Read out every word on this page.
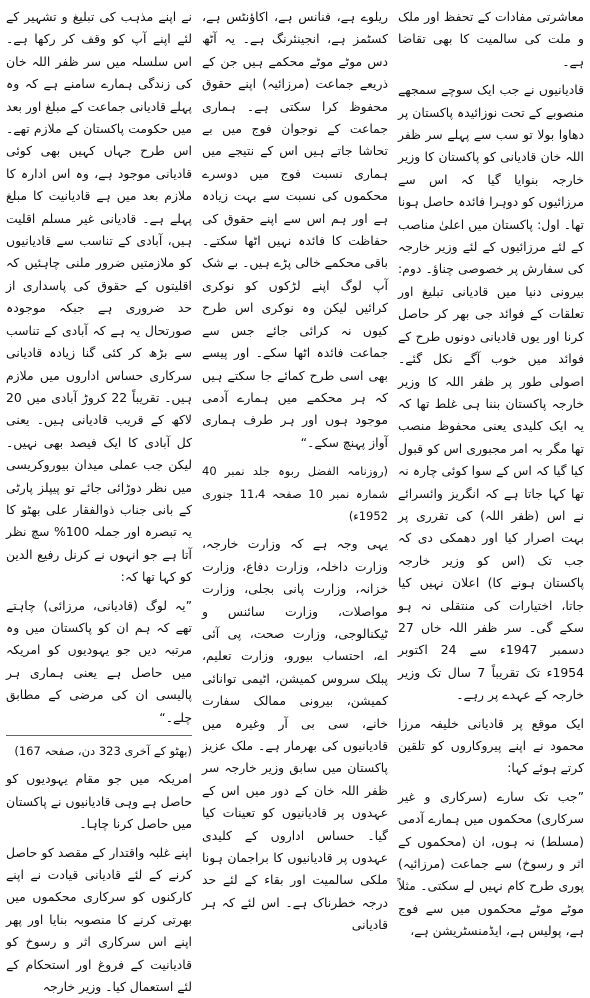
معاشرتی مفادات کے تحفظ اور ملک و ملت کی سالمیت کا بھی تقاضا ہے۔

قادیانیوں نے جب ایک سوچے سمجھے منصوبے کے تحت نوزائیدہ پاکستان پر دھاوا بولا تو سب سے پہلے سر ظفر اللہ خان قادیانی کو پاکستان کا وزیر خارجہ بنوایا گیا کہ اس سے مرزائیوں کو دوہرا فائدہ حاصل ہونا تھا۔ اول: پاکستان میں اعلیٰ مناصب کے لئے مرزائیوں کے لئے وزیر خارجہ کی سفارش پر خصوصی چناؤ۔ دوم: بیرونی دنیا میں قادیانی تبلیغ اور تعلقات کے فوائد جی بھر کر حاصل کرنا اور یوں قادیانی دونوں طرح کے فوائد میں خوب آگے نکل گئے۔ اصولی طور پر ظفر اللہ کا وزیر خارجہ پاکستان بننا ہی غلط تھا کہ یہ ایک کلیدی یعنی محفوظ منصب تھا مگر بہ امر مجبوری اس کو قبول کیا گیا کہ اس کے سوا کوئی چارہ نہ تھا کہا جاتا ہے کہ انگریز وائسرائے نے اس (ظفر اللہ) کی تقرری پر بہت اصرار کیا اور دھمکی دی کہ جب تک (اس کو وزیر خارجہ پاکستان ہونے کا) اعلان نہیں کیا جاتا، اختیارات کی منتقلی نہ ہو سکے گی۔ سر ظفر اللہ خاں 27 دسمبر 1947ء سے 24 اکتوبر 1954ء تک تقریباً 7 سال تک وزیر خارجہ کے عہدے پر رہے۔

ایک موقع پر قادیانی خلیفہ مرزا محمود نے اپنے پیروکاروں کو تلقین کرتے ہوئے کہا:

”جب تک سارے (سرکاری و غیر سرکاری) محکموں میں ہمارے آدمی (مسلط) نہ ہوں، ان (محکموں کے اثر و رسوخ) سے جماعت (مرزائیہ) پوری طرح کام نہیں لے سکتی۔ مثلاً موٹے موٹے محکموں میں سے فوج ہے، پولیس ہے، ایڈمنسٹریشن ہے،

ریلوے ہے، فنانس ہے، اکاؤنٹس ہے، کسٹمز ہے، انجینئرنگ ہے۔ یہ آٹھ دس موٹے موٹے محکمے ہیں جن کے ذریعے جماعت (مرزائیہ) اپنے حقوق محفوظ کرا سکتی ہے۔ ہماری جماعت کے نوجوان فوج میں بے تحاشا جاتے ہیں اس کے نتیجے میں ہماری نسبت فوج میں دوسرے محکموں کی نسبت سے بہت زیادہ ہے اور ہم اس سے اپنے حقوق کی حفاظت کا فائدہ نہیں اٹھا سکتے۔ باقی محکمے خالی پڑے ہیں۔ بے شک آپ لوگ اپنے لڑکوں کو نوکری کرائیں لیکن وہ نوکری اس طرح کیوں نہ کرائی جائے جس سے جماعت فائدہ اٹھا سکے۔ اور پیسے بھی اسی طرح کمائے جا سکتے ہیں کہ ہر محکمے میں ہمارے آدمی موجود ہوں اور ہر طرف ہماری آواز پہنچ سکے۔“

(روزنامہ الفضل ربوہ جلد نمبر 40 شمارہ نمبر 10 صفحہ 11،4 جنوری 1952ء)

یہی وجہ ہے کہ وزارت خارجہ، وزارت داخلہ، وزارت دفاع، وزارت خزانہ، وزارت پانی بجلی، وزارت مواصلات، وزارت سائنس و ٹیکنالوجی، وزارت صحت، پی آئی اے، احتساب بیورو، وزارت تعلیم، پبلک سروس کمیشن، اٹیمی توانائی کمیشن، بیرونی ممالک سفارت خانے، سی بی آر وغیرہ میں قادیانیوں کی بھرمار ہے۔ ملک عزیز پاکستان میں سابق وزیر خارجہ سر ظفر اللہ خان کے دور میں اس کے عہدوں پر قادیانیوں کو تعینات کیا گیا۔ حساس اداروں کے کلیدی عہدوں پر قادیانیوں کا براجمان ہونا ملکی سالمیت اور بقاء کے لئے حد درجہ خطرناک ہے۔ اس لئے کہ ہر قادیانی

نے اپنے مذہب کی تبلیغ و تشہیر کے لئے اپنے آپ کو وقف کر رکھا ہے۔ اس سلسلہ میں سر ظفر اللہ خان کی زندگی ہمارے سامنے ہے کہ وہ پہلے قادیانی جماعت کے مبلغ اور بعد میں حکومت پاکستان کے ملازم تھے۔ اس طرح جہاں کہیں بھی کوئی قادیانی موجود ہے، وہ اس ادارہ کا ملازم بعد میں ہے قادیانیت کا مبلغ پہلے ہے۔ قادیانی غیر مسلم اقلیت ہیں، آبادی کے تناسب سے قادیانیوں کو ملازمتیں ضرور ملنی چاہئیں کہ اقلیتوں کے حقوق کی پاسداری از حد ضروری ہے جبکہ موجودہ صورتحال یہ ہے کہ آبادی کے تناسب سے بڑھ کر کئی گنا زیادہ قادیانی سرکاری حساس اداروں میں ملازم ہیں۔ تقریباً 22 کروڑ آبادی میں 20 لاکھ کے قریب قادیانی ہیں۔ یعنی کل آبادی کا ایک فیصد بھی نہیں۔ لیکن جب عملی میدان بیوروکریسی میں نظر دوڑائی جائے تو پیپلز پارٹی کے بانی جناب ذوالفقار علی بھٹو کا یہ تبصرہ اور جملہ 100% سچ نظر آتا ہے جو انہوں نے کرنل رفیع الدین کو کہا تھا کہ:

”یہ لوگ (قادیانی، مرزائی) چاہتے تھے کہ ہم ان کو پاکستان میں وہ مرتبہ دیں جو یہودیوں کو امریکہ میں حاصل ہے یعنی ہماری ہر پالیسی ان کی مرضی کے مطابق چلے۔“

(بھٹو کے آخری 323 دن، صفحہ 167)

امریکہ میں جو مقام یہودیوں کو حاصل ہے وہی قادیانیوں نے پاکستان میں حاصل کرنا چاہا۔

اپنے غلبہ واقتدار کے مقصد کو حاصل کرنے کے لئے قادیانی قیادت نے اپنے کارکنوں کو سرکاری محکموں میں بھرتی کرنے کا منصوبہ بنایا اور پھر اپنے اس سرکاری اثر و رسوخ کو قادیانیت کے فروغ اور استحکام کے لئے استعمال کیا۔ وزیر خارجہ
